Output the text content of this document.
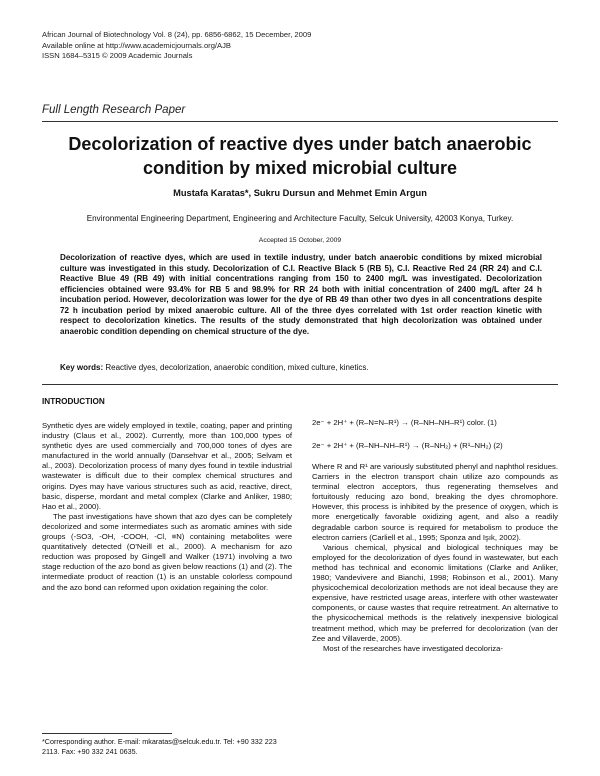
African Journal of Biotechnology Vol. 8 (24), pp. 6856-6862, 15 December, 2009
Available online at http://www.academicjournals.org/AJB
ISSN 1684–5315 © 2009 Academic Journals
Full Length Research Paper
Decolorization of reactive dyes under batch anaerobic
condition by mixed microbial culture
Mustafa Karatas*, Sukru Dursun and Mehmet Emin Argun
Environmental Engineering Department, Engineering and Architecture Faculty, Selcuk University, 42003 Konya, Turkey.
Accepted 15 October, 2009
Decolorization of reactive dyes, which are used in textile industry, under batch anaerobic conditions by mixed microbial culture was investigated in this study. Decolorization of C.I. Reactive Black 5 (RB 5), C.I. Reactive Red 24 (RR 24) and C.I. Reactive Blue 49 (RB 49) with initial concentrations ranging from 150 to 2400 mg/L was investigated. Decolorization efficiencies obtained were 93.4% for RB 5 and 98.9% for RR 24 both with initial concentration of 2400 mg/L after 24 h incubation period. However, decolorization was lower for the dye of RB 49 than other two dyes in all concentrations despite 72 h incubation period by mixed anaerobic culture. All of the three dyes correlated with 1st order reaction kinetic with respect to decolorization kinetics. The results of the study demonstrated that high decolorization was obtained under anaerobic condition depending on chemical structure of the dye.
Key words: Reactive dyes, decolorization, anaerobic condition, mixed culture, kinetics.
INTRODUCTION

Synthetic dyes are widely employed in textile, coating, paper and printing industry (Claus et al., 2002). Currently, more than 100,000 types of synthetic dyes are used commercially and 700,000 tones of dyes are manufactured in the world annually (Dansehvar et al., 2005; Selvam et al., 2003). Decolorization process of many dyes found in textile industrial wastewater is difficult due to their complex chemical structures and origins. Dyes may have various structures such as acid, reactive, direct, basic, disperse, mordant and metal complex (Clarke and Anliker, 1980; Hao et al., 2000).

The past investigations have shown that azo dyes can be completely decolorized and some intermediates such as aromatic amines with side groups (-SO3, -OH, -COOH, -Cl, ≡N) containing metabolites were quantitatively detected (O'Neill et al., 2000). A mechanism for azo reduction was proposed by Gingell and Walker (1971) involving a two stage reduction of the azo bond as given below reactions (1) and (2). The intermediate product of reaction (1) is an unstable colorless compound and the azo bond can reformed upon oxidation regaining the color.

2e⁻ + 2H⁺ + (R–N=N–R¹) → (R–NH–NH–R¹) color. (1)
2e⁻ + 2H⁺ + (R–NH–NH–R¹) → (R–NH₂) + (R¹–NH₂) (2)

Where R and R¹ are variously substituted phenyl and naphthol residues. Carriers in the electron transport chain utilize azo compounds as terminal electron acceptors, thus regenerating themselves and fortuitously reducing azo bond, breaking the dyes chromophore. However, this process is inhibited by the presence of oxygen, which is more energetically favorable oxidizing agent, and also a readily degradable carbon source is required for metabolism to produce the electron carriers (Carliell et al., 1995; Sponza and Işık, 2002).

Various chemical, physical and biological techniques may be employed for the decolorization of dyes found in wastewater, but each method has technical and economic limitations (Clarke and Anliker, 1980; Vandevivere and Bianchi, 1998; Robinson et al., 2001). Many physicochemical decolorization methods are not ideal because they are expensive, have restricted usage areas, interfere with other wastewater components, or cause wastes that require retreatment. An alternative to the physicochemical methods is the relatively inexpensive biological treatment method, which may be preferred for decolorization (van der Zee and Villaverde, 2005).

Most of the researches have investigated decoloriza-

*Corresponding author. E-mail: mkaratas@selcuk.edu.tr. Tel: +90 332 223 2113. Fax: +90 332 241 0635.
